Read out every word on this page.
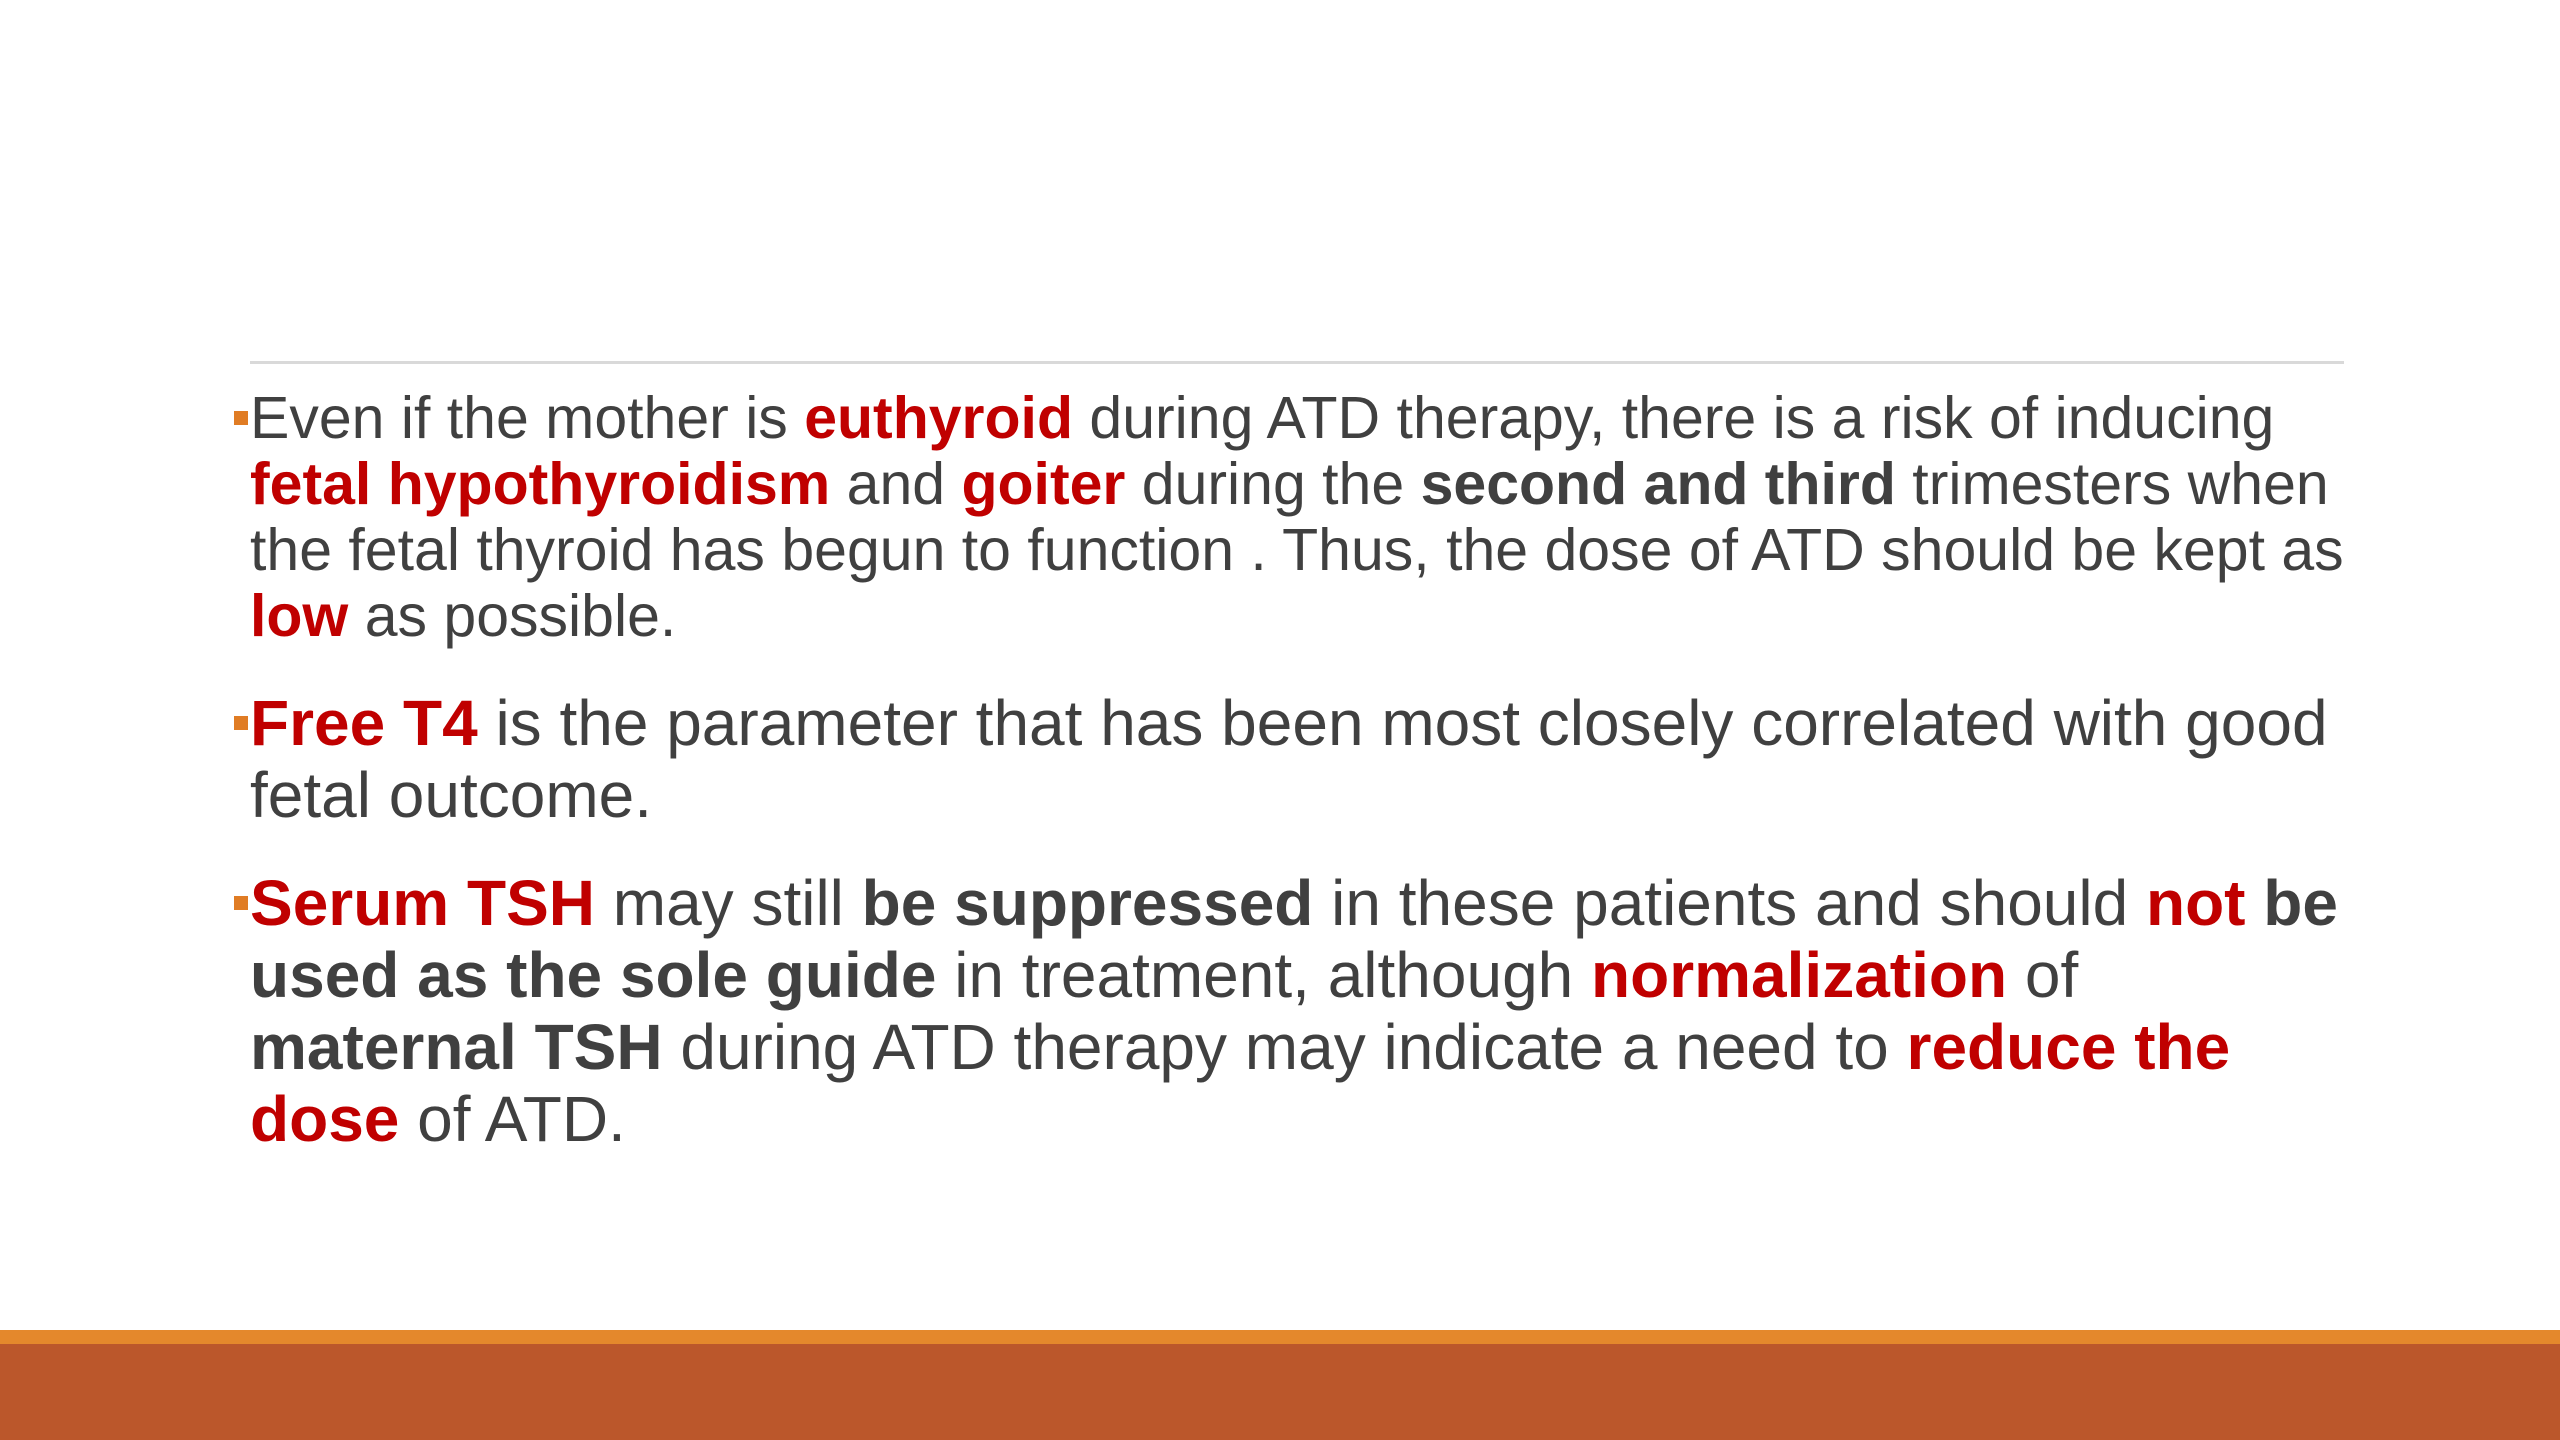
Even if the mother is euthyroid during ATD therapy, there is a risk of inducing fetal hypothyroidism and goiter during the second and third trimesters when the fetal thyroid has begun to function . Thus, the dose of ATD should be kept as low as possible.

Free T4 is the parameter that has been most closely correlated with good fetal outcome.

Serum TSH may still be suppressed in these patients and should not be used as the sole guide in treatment, although normalization of maternal TSH during ATD therapy may indicate a need to reduce the dose of ATD.
